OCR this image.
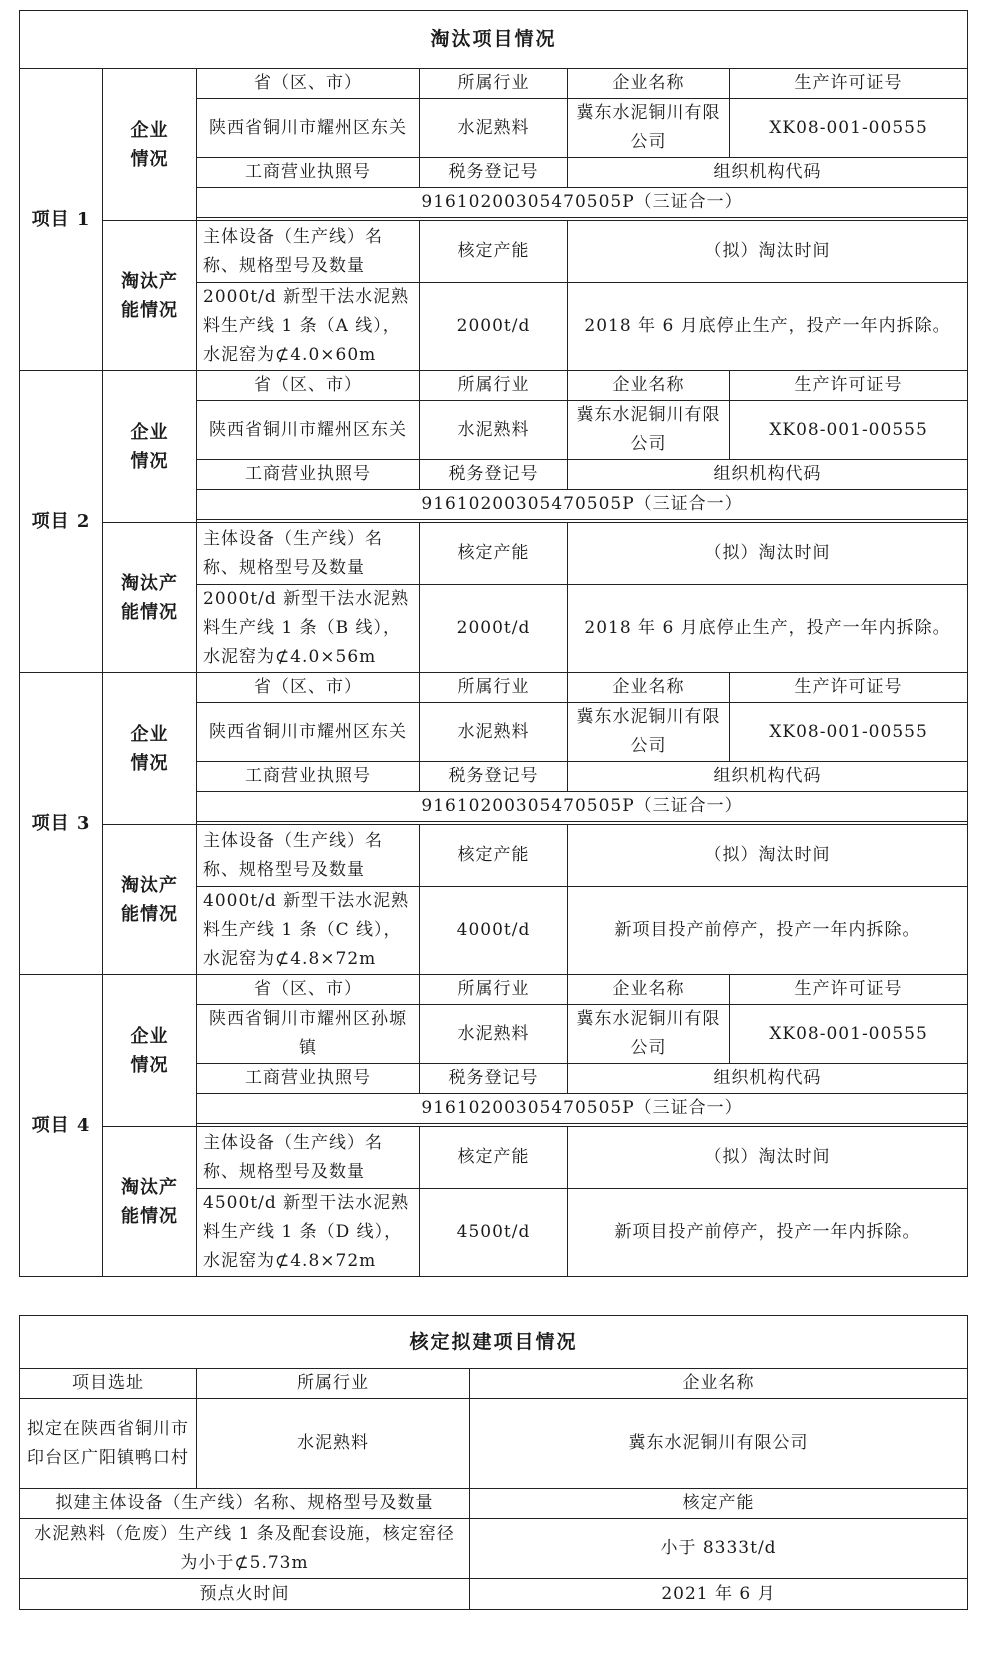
淘汰项目情况					
项目 1	企业
情况	省（区、市）	所属行业	企业名称	生产许可证号
		陕西省铜川市耀州区东关	水泥熟料	冀东水泥铜川有限公司	XK08-001-00555
		工商营业执照号	税务登记号	组织机构代码	
		91610200305470505P（三证合一）			

	淘汰产
能情况	主体设备（生产线）名称、规格型号及数量	核定产能	（拟）淘汰时间	
		2000t/d 新型干法水泥熟料生产线 1 条（A 线），水泥窑为⊄4.0×60m	2000t/d	2018 年 6 月底停止生产，投产一年内拆除。	

项目 2	企业
情况	省（区、市）	所属行业	企业名称	生产许可证号
		陕西省铜川市耀州区东关	水泥熟料	冀东水泥铜川有限公司	XK08-001-00555
		工商营业执照号	税务登记号	组织机构代码	
		91610200305470505P（三证合一）			

	淘汰产
能情况	主体设备（生产线）名称、规格型号及数量	核定产能	（拟）淘汰时间	
		2000t/d 新型干法水泥熟料生产线 1 条（B 线），水泥窑为⊄4.0×56m	2000t/d	2018 年 6 月底停止生产，投产一年内拆除。	

项目 3	企业
情况	省（区、市）	所属行业	企业名称	生产许可证号
		陕西省铜川市耀州区东关	水泥熟料	冀东水泥铜川有限公司	XK08-001-00555
		工商营业执照号	税务登记号	组织机构代码	
		91610200305470505P（三证合一）			

	淘汰产
能情况	主体设备（生产线）名称、规格型号及数量	核定产能	（拟）淘汰时间	
		4000t/d 新型干法水泥熟料生产线 1 条（C 线），水泥窑为⊄4.8×72m	4000t/d	新项目投产前停产，投产一年内拆除。	

项目 4	企业
情况	省（区、市）	所属行业	企业名称	生产许可证号
		陕西省铜川市耀州区孙塬镇	水泥熟料	冀东水泥铜川有限公司	XK08-001-00555
		工商营业执照号	税务登记号	组织机构代码	
		91610200305470505P（三证合一）			

	淘汰产
能情况	主体设备（生产线）名称、规格型号及数量	核定产能	（拟）淘汰时间	
		4500t/d 新型干法水泥熟料生产线 1 条（D 线），水泥窑为⊄4.8×72m	4500t/d	新项目投产前停产，投产一年内拆除。	

核定拟建项目情况		
项目选址	所属行业	企业名称
拟定在陕西省铜川市印台区广阳镇鸭口村	水泥熟料	冀东水泥铜川有限公司
拟建主体设备（生产线）名称、规格型号及数量		核定产能
水泥熟料（危废）生产线 1 条及配套设施，核定窑径为小于⊄5.73m		小于 8333t/d
预点火时间		2021 年 6 月
